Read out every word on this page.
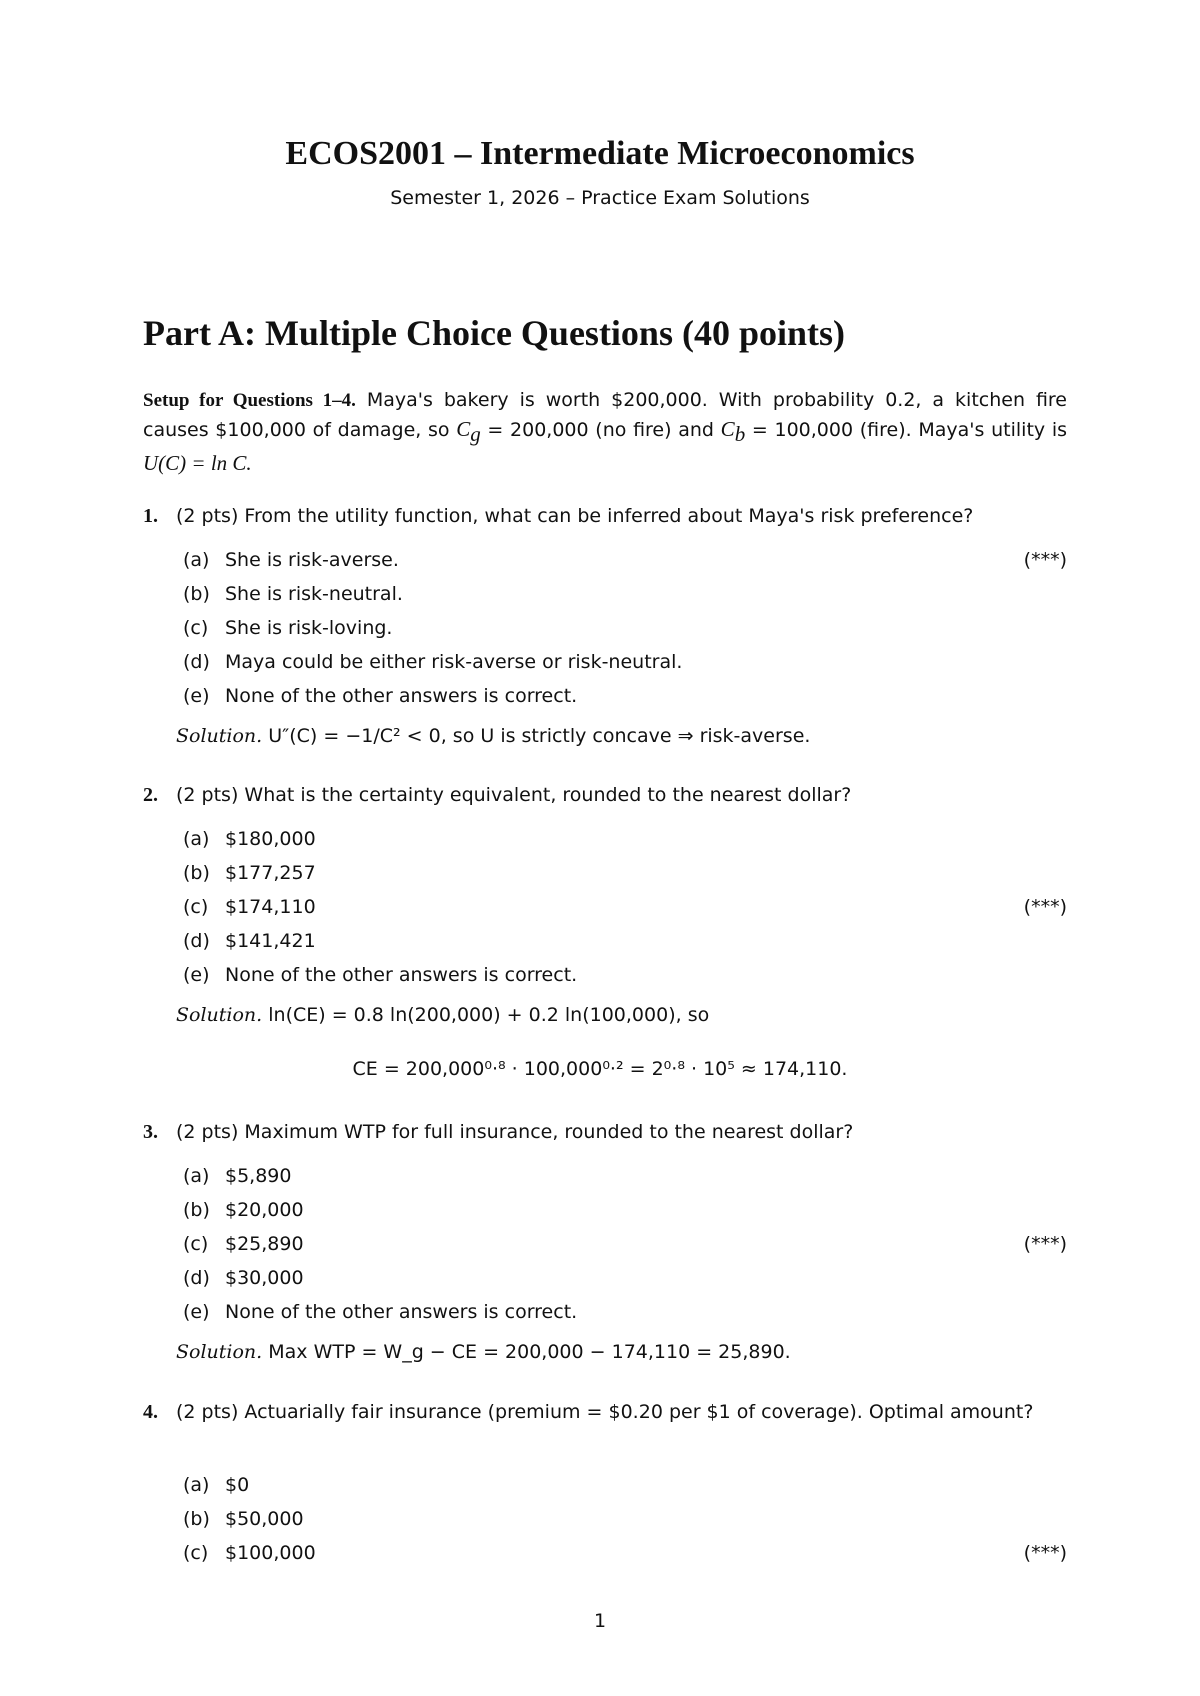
ECOS2001 – Intermediate Microeconomics
Semester 1, 2026 – Practice Exam Solutions
Part A: Multiple Choice Questions (40 points)
Setup for Questions 1–4. Maya's bakery is worth $200,000. With probability 0.2, a kitchen fire causes $100,000 of damage, so $C_g = 200,000$ (no fire) and $C_b = 100,000$ (fire). Maya's utility is U(C) = ln C.
1. (2 pts) From the utility function, what can be inferred about Maya's risk preference?
(a) She is risk-averse.	(***)
(b) She is risk-neutral.
(c) She is risk-loving.
(d) Maya could be either risk-averse or risk-neutral.
(e) None of the other answers is correct.
Solution. U″(C) = −1/C² < 0, so U is strictly concave ⇒ risk-averse.
2. (2 pts) What is the certainty equivalent, rounded to the nearest dollar?
(a) $180,000
(b) $177,257
(c) $174,110	(***)
(d) $141,421
(e) None of the other answers is correct.
Solution. ln(CE) = 0.8 ln(200,000) + 0.2 ln(100,000), so
CE = 200,000⁰·⁸ · 100,000⁰·² = 2⁰·⁸ · 10⁵ ≈ 174,110.
3. (2 pts) Maximum WTP for full insurance, rounded to the nearest dollar?
(a) $5,890
(b) $20,000
(c) $25,890	(***)
(d) $30,000
(e) None of the other answers is correct.
Solution. Max WTP = W_g − CE = 200,000 − 174,110 = 25,890.
4. (2 pts) Actuarially fair insurance (premium = $0.20 per $1 of coverage). Optimal amount?
(a) $0
(b) $50,000
(c) $100,000	(***)
1
